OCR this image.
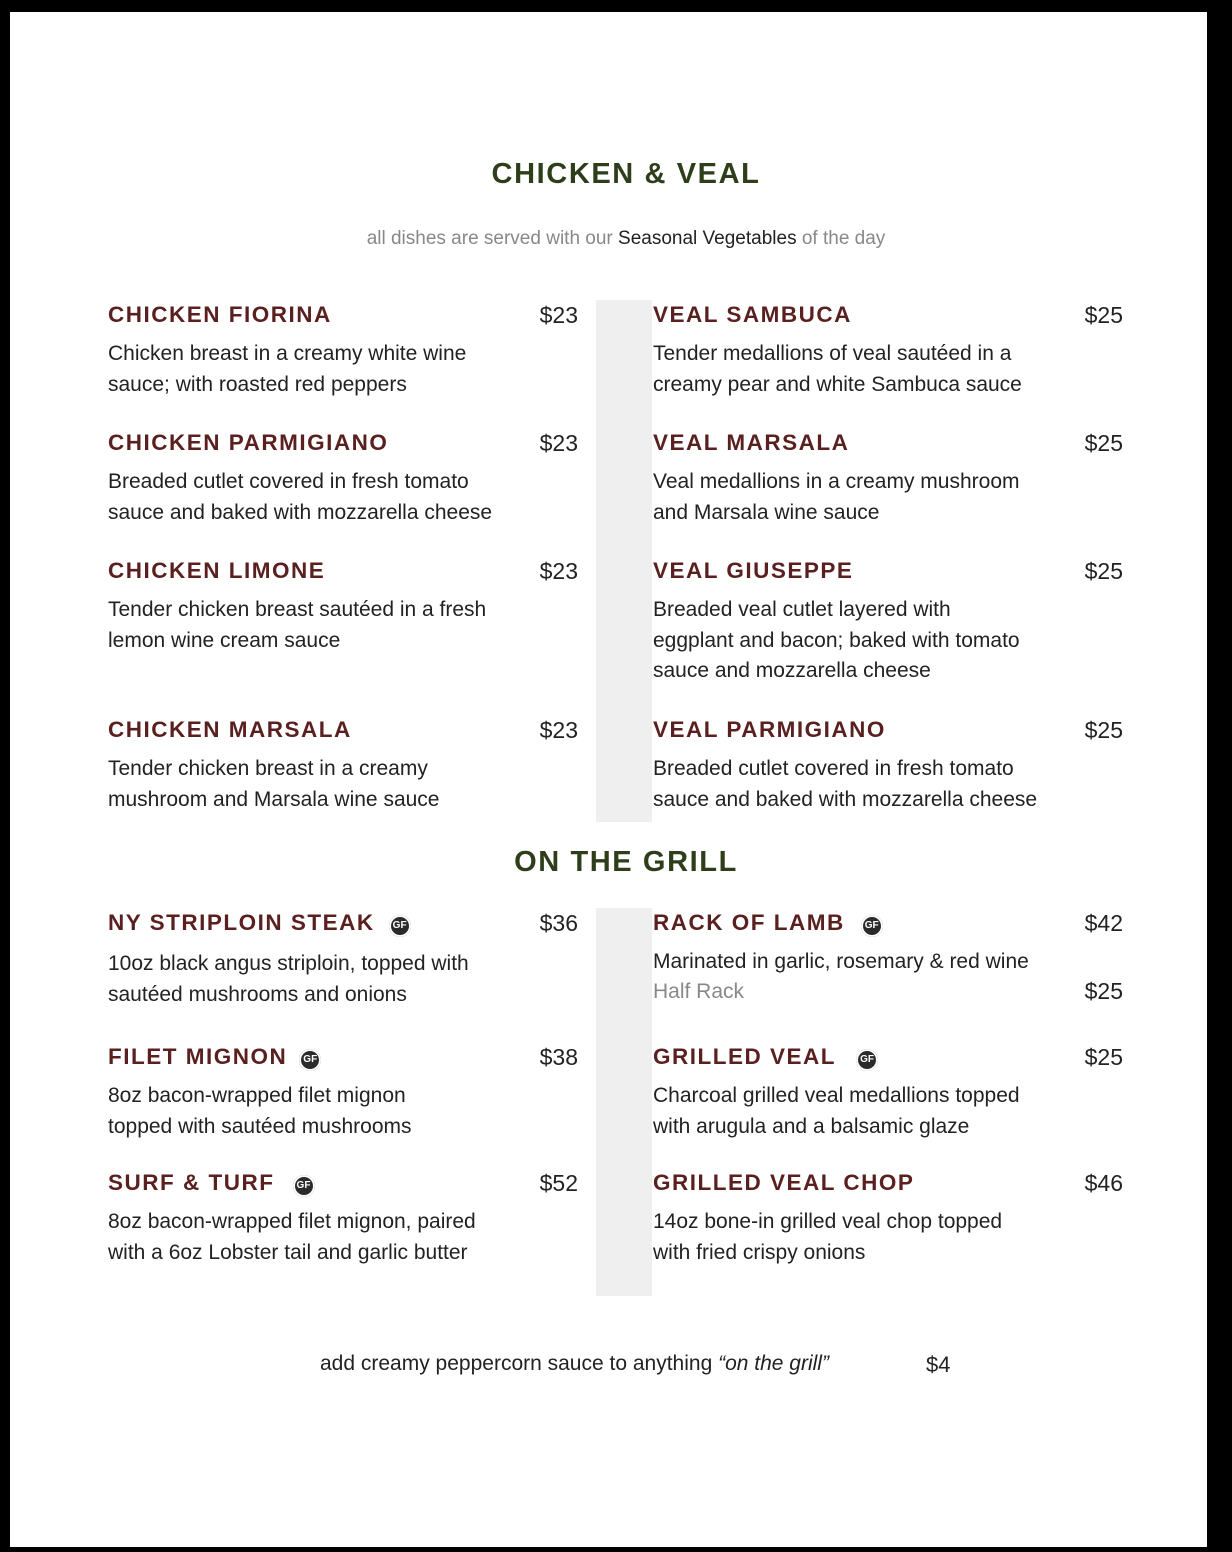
CHICKEN & VEAL

all dishes are served with our Seasonal Vegetables of the day

CHICKEN FIORINA	$23
Chicken breast in a creamy white wine
sauce; with roasted red peppers
CHICKEN PARMIGIANO	$23
Breaded cutlet covered in fresh tomato
sauce and baked with mozzarella cheese
CHICKEN LIMONE	$23
Tender chicken breast sautéed in a fresh
lemon wine cream sauce
CHICKEN MARSALA	$23
Tender chicken breast in a creamy
mushroom and Marsala wine sauce
VEAL SAMBUCA	$25
Tender medallions of veal sautéed in a
creamy pear and white Sambuca sauce
VEAL MARSALA	$25
Veal medallions in a creamy mushroom
and Marsala wine sauce
VEAL GIUSEPPE	$25
Breaded veal cutlet layered with
eggplant and bacon; baked with tomato
sauce and mozzarella cheese
VEAL PARMIGIANO	$25
Breaded cutlet covered in fresh tomato
sauce and baked with mozzarella cheese
ON THE GRILL
NY STRIPLOIN STEAK GF	$36
10oz black angus striploin, topped with
sautéed mushrooms and onions
FILET MIGNON GF	$38
8oz bacon-wrapped filet mignon
topped with sautéed mushrooms
SURF & TURF GF	$52
8oz bacon-wrapped filet mignon, paired
with a 6oz Lobster tail and garlic butter
RACK OF LAMB GF	$42
Marinated in garlic, rosemary & red wine
Half Rack	$25
GRILLED VEAL GF	$25
Charcoal grilled veal medallions topped
with arugula and a balsamic glaze
GRILLED VEAL CHOP	$46
14oz bone-in grilled veal chop topped
with fried crispy onions
add creamy peppercorn sauce to anything “on the grill”	$4
